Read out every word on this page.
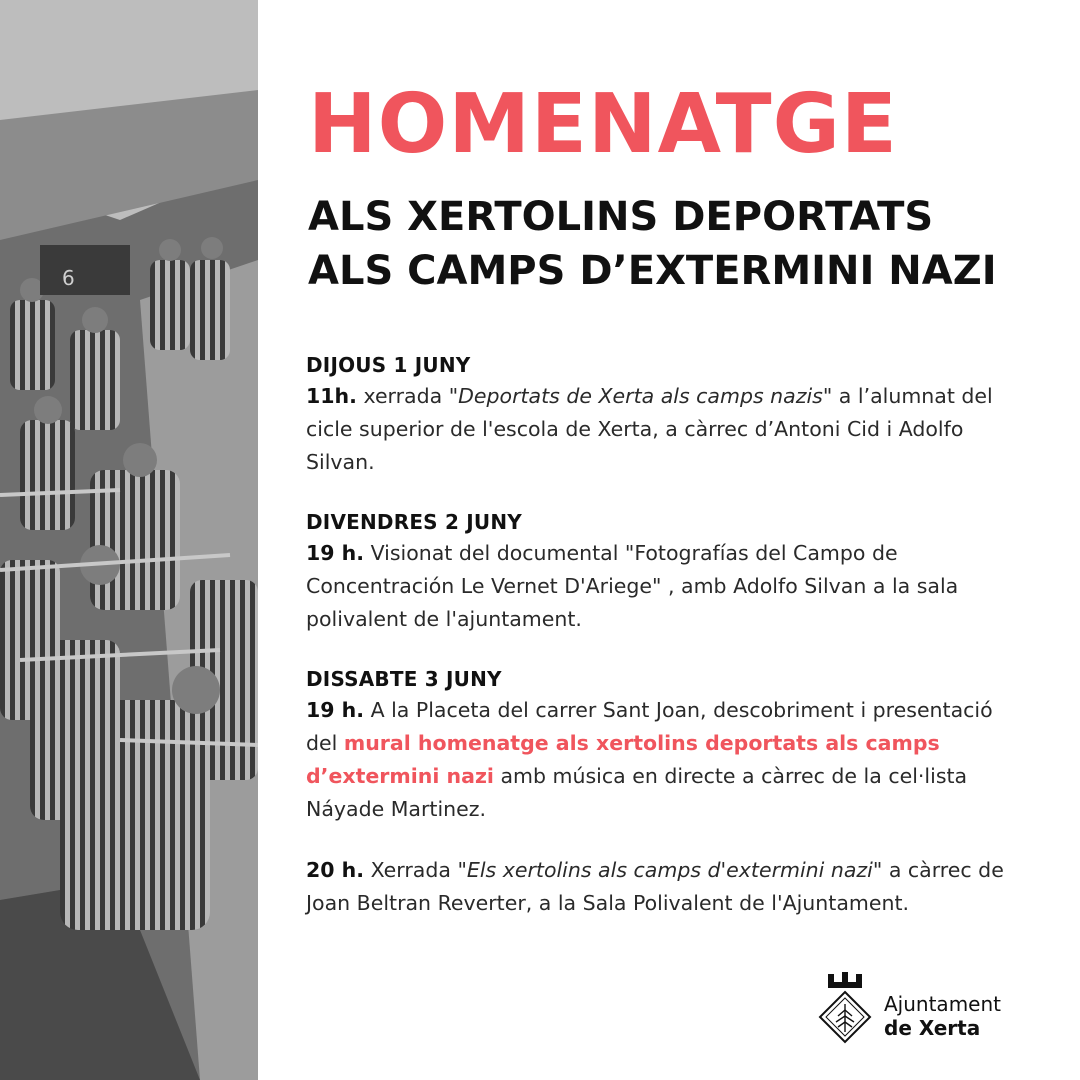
6
HOMENATGE
ALS XERTOLINS DEPORTATS
ALS CAMPS D’EXTERMINI NAZI
DIJOUS 1 JUNY
11h. xerrada "Deportats de Xerta als camps nazis" a l’alumnat del cicle superior de l'escola de Xerta, a càrrec d’Antoni Cid i Adolfo Silvan.
DIVENDRES 2 JUNY
19 h. Visionat del documental "Fotografías del Campo de Concentración Le Vernet D'Ariege" , amb Adolfo Silvan a la sala polivalent de l'ajuntament.
DISSABTE 3 JUNY
19 h. A la Placeta del carrer Sant Joan, descobriment i presentació del mural homenatge als xertolins deportats als camps d’extermini nazi amb música en directe a càrrec de la cel·lista Náyade Martinez.
20 h. Xerrada "Els xertolins als camps d'extermini nazi" a càrrec de Joan Beltran Reverter, a la Sala Polivalent de l'Ajuntament.
Ajuntament
de Xerta
